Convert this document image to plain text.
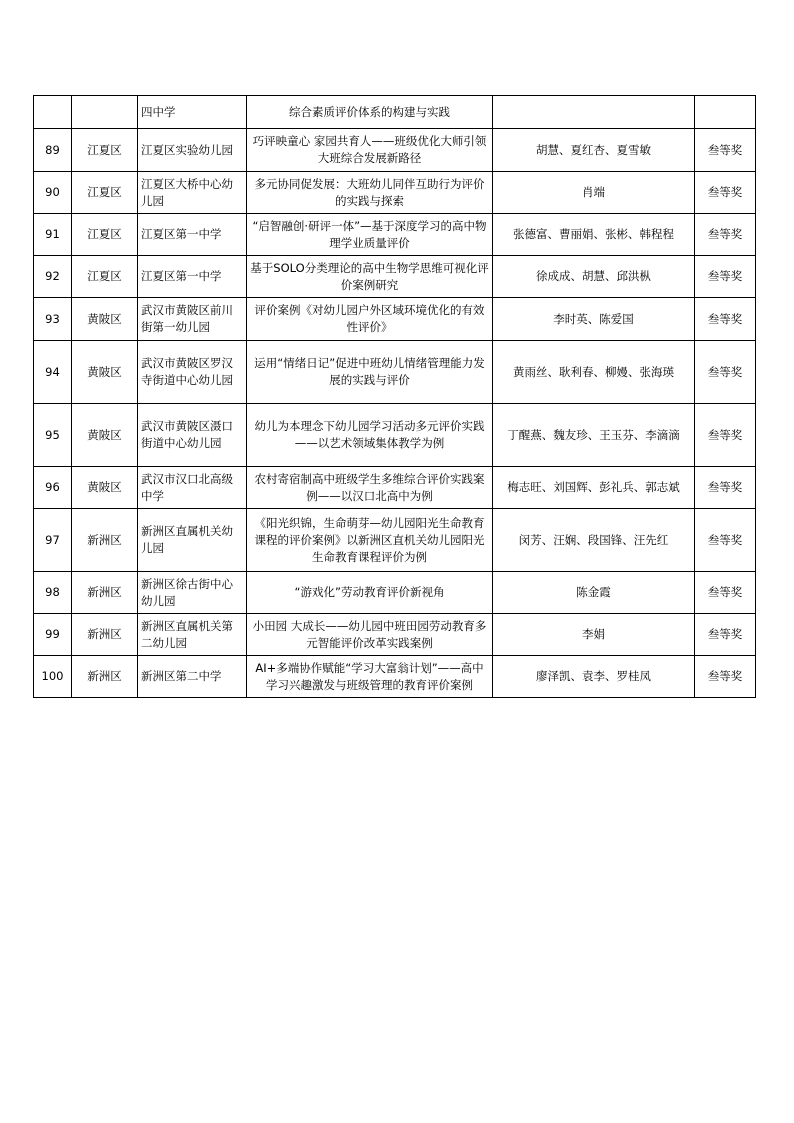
		四中学	综合素质评价体系的构建与实践		
89	江夏区	江夏区实验幼儿园	巧评映童心 家园共育人——班级优化大师引领大班综合发展新路径	胡慧、夏红杏、夏雪敏	叁等奖
90	江夏区	江夏区大桥中心幼儿园	多元协同促发展：大班幼儿同伴互助行为评价的实践与探索	肖端	叁等奖
91	江夏区	江夏区第一中学	“启智融创·研评一体”—基于深度学习的高中物理学业质量评价	张德富、曹丽娟、张彬、韩程程	叁等奖
92	江夏区	江夏区第一中学	基于SOLO分类理论的高中生物学思维可视化评价案例研究	徐成成、胡慧、邱洪枞	叁等奖
93	黄陂区	武汉市黄陂区前川街第一幼儿园	评价案例《对幼儿园户外区域环境优化的有效性评价》	李时英、陈爱国	叁等奖
94	黄陂区	武汉市黄陂区罗汉寺街道中心幼儿园	运用“情绪日记”促进中班幼儿情绪管理能力发展的实践与评价	黄雨丝、耿利春、柳嫚、张海瑛	叁等奖
95	黄陂区	武汉市黄陂区滠口街道中心幼儿园	幼儿为本理念下幼儿园学习活动多元评价实践——以艺术领域集体教学为例	丁醒燕、魏友珍、王玉芬、李滴滴	叁等奖
96	黄陂区	武汉市汉口北高级中学	农村寄宿制高中班级学生多维综合评价实践案例——以汉口北高中为例	梅志旺、刘国辉、彭礼兵、郭志斌	叁等奖
97	新洲区	新洲区直属机关幼儿园	《阳光织锦，生命萌芽—幼儿园阳光生命教育课程的评价案例》以新洲区直机关幼儿园阳光生命教育课程评价为例	闵芳、汪娴、段国锋、汪先红	叁等奖
98	新洲区	新洲区徐古街中心幼儿园	“游戏化”劳动教育评价新视角	陈金霞	叁等奖
99	新洲区	新洲区直属机关第二幼儿园	小田园 大成长——幼儿园中班田园劳动教育多元智能评价改革实践案例	李娟	叁等奖
100	新洲区	新洲区第二中学	AI+多端协作赋能“学习大富翁计划”——高中学习兴趣激发与班级管理的教育评价案例	廖泽凯、袁李、罗桂凤	叁等奖
